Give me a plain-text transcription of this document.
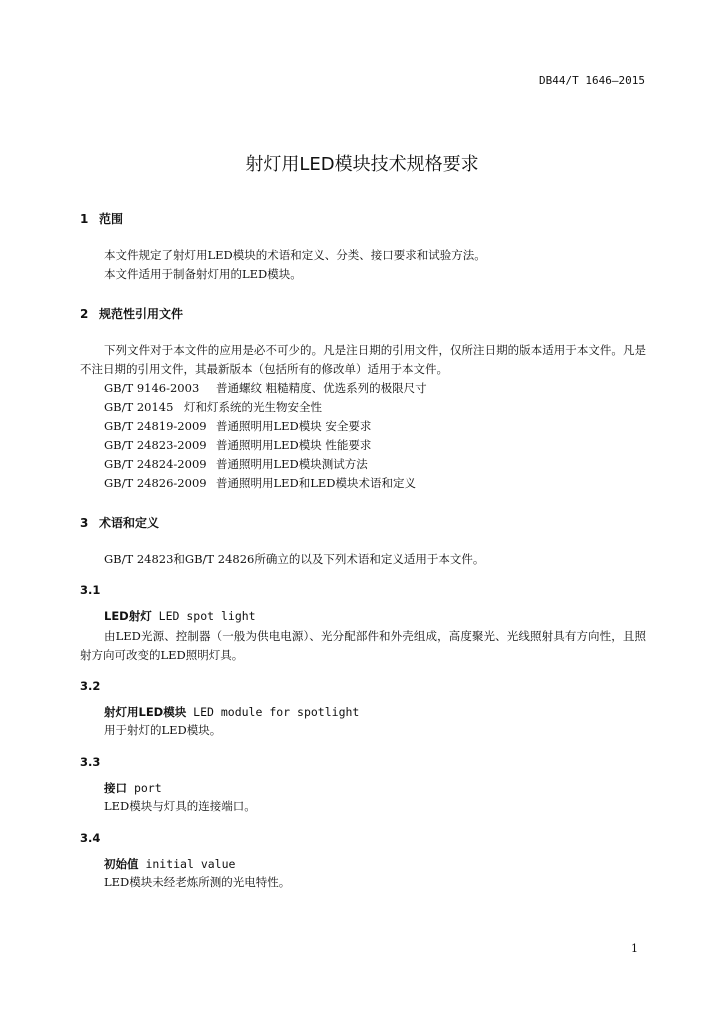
DB44/T 1646—2015
射灯用LED模块技术规格要求
1 范围
本文件规定了射灯用LED模块的术语和定义、分类、接口要求和试验方法。
本文件适用于制备射灯用的LED模块。
2 规范性引用文件
下列文件对于本文件的应用是必不可少的。凡是注日期的引用文件，仅所注日期的版本适用于本文件。凡是不注日期的引用文件，其最新版本（包括所有的修改单）适用于本文件。
GB/T 9146-2003 普通螺纹 粗糙精度、优选系列的极限尺寸
GB/T 20145 灯和灯系统的光生物安全性
GB/T 24819-2009 普通照明用LED模块 安全要求
GB/T 24823-2009 普通照明用LED模块 性能要求
GB/T 24824-2009 普通照明用LED模块测试方法
GB/T 24826-2009 普通照明用LED和LED模块术语和定义
3 术语和定义
GB/T 24823和GB/T 24826所确立的以及下列术语和定义适用于本文件。
3.1
LED射灯 LED spot light
由LED光源、控制器（一般为供电电源）、光分配部件和外壳组成，高度聚光、光线照射具有方向性，且照射方向可改变的LED照明灯具。
3.2
射灯用LED模块 LED module for spotlight
用于射灯的LED模块。
3.3
接口 port
LED模块与灯具的连接端口。
3.4
初始值 initial value
LED模块未经老炼所测的光电特性。
1
